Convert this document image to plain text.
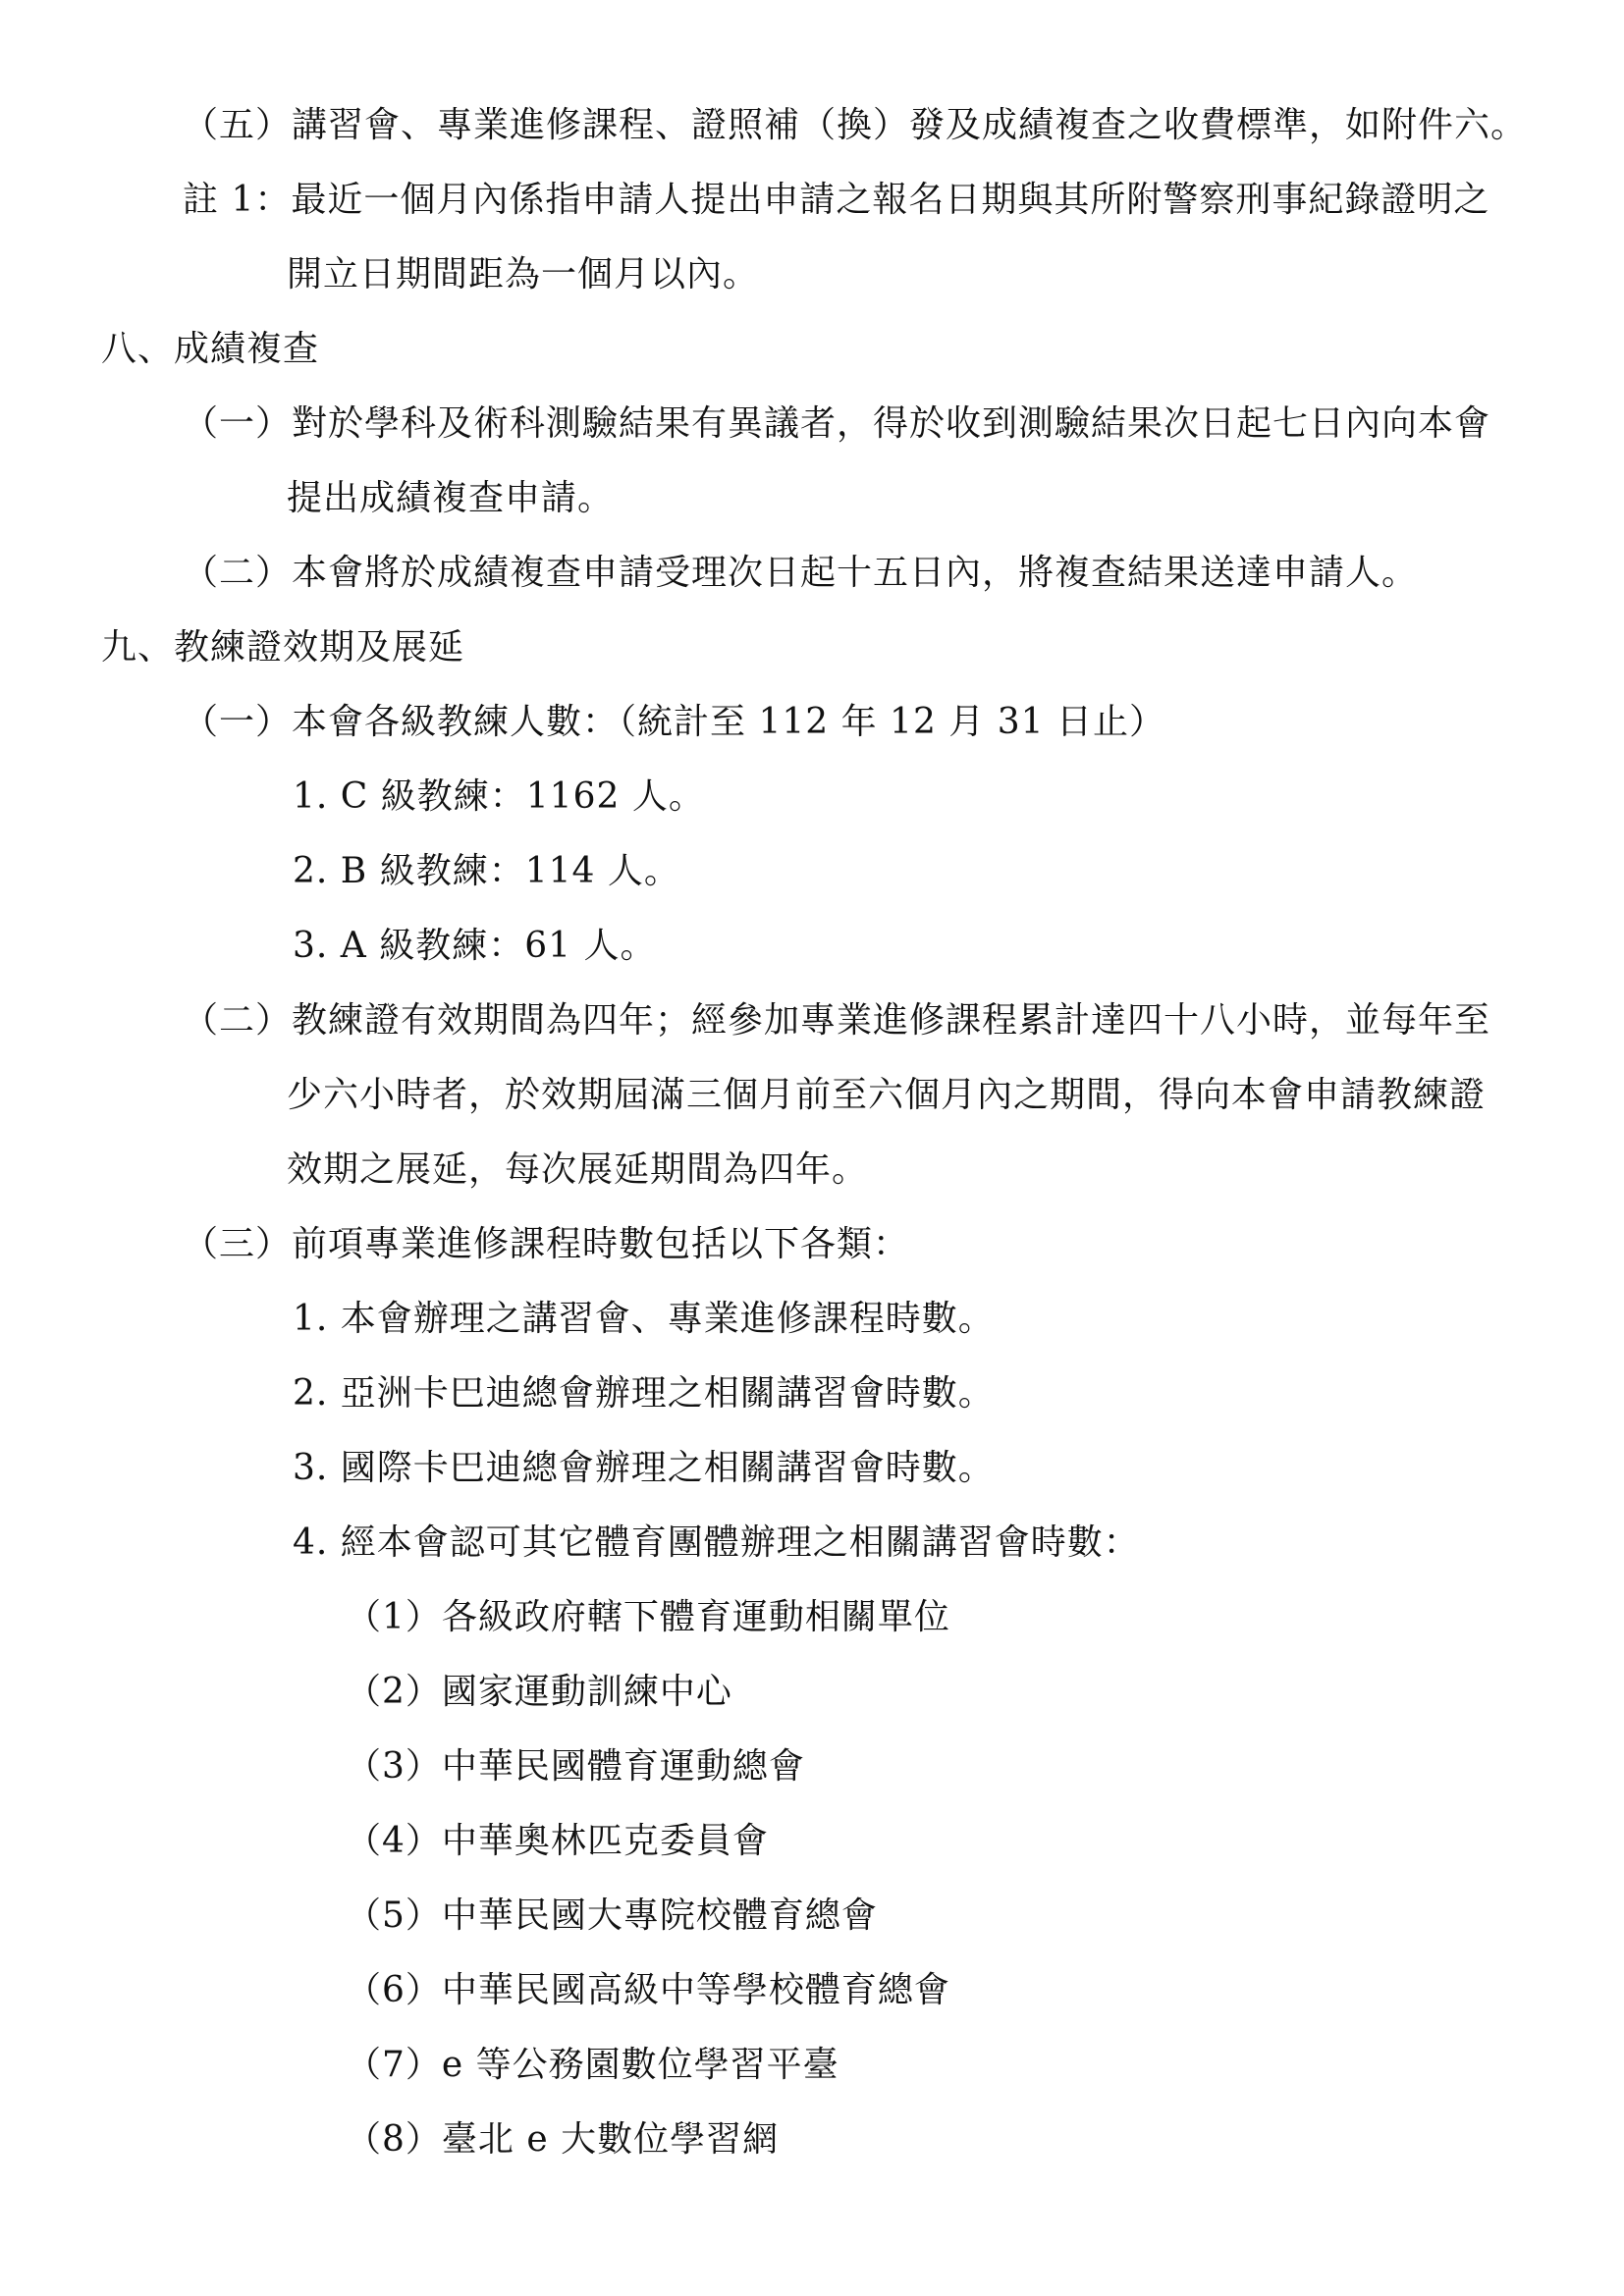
（五）講習會、專業進修課程、證照補（換）發及成績複查之收費標準，如附件六。
註 1：最近一個月內係指申請人提出申請之報名日期與其所附警察刑事紀錄證明之
開立日期間距為一個月以內。
八、成績複查
（一）對於學科及術科測驗結果有異議者，得於收到測驗結果次日起七日內向本會
提出成績複查申請。
（二）本會將於成績複查申請受理次日起十五日內，將複查結果送達申請人。
九、教練證效期及展延
（一）本會各級教練人數：（統計至 112 年 12 月 31 日止）
1. C 級教練：1162 人。
2. B 級教練：114 人。
3. A 級教練：61 人。
（二）教練證有效期間為四年；經參加專業進修課程累計達四十八小時，並每年至
少六小時者，於效期屆滿三個月前至六個月內之期間，得向本會申請教練證
效期之展延，每次展延期間為四年。
（三）前項專業進修課程時數包括以下各類：
1. 本會辦理之講習會、專業進修課程時數。
2. 亞洲卡巴迪總會辦理之相關講習會時數。
3. 國際卡巴迪總會辦理之相關講習會時數。
4. 經本會認可其它體育團體辦理之相關講習會時數：
（1）各級政府轄下體育運動相關單位
（2）國家運動訓練中心
（3）中華民國體育運動總會
（4）中華奧林匹克委員會
（5）中華民國大專院校體育總會
（6）中華民國高級中等學校體育總會
（7）e 等公務園數位學習平臺
（8）臺北 e 大數位學習網
